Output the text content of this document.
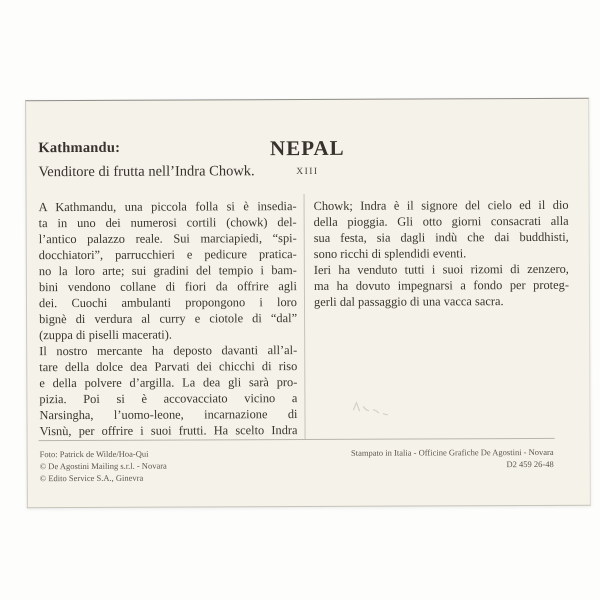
Kathmandu:
Venditore di frutta nell’Indra Chowk.
NEPAL
XIII
A Kathmandu, una piccola folla si è insedia-
ta in uno dei numerosi cortili (chowk) del-
l’antico palazzo reale. Sui marciapiedi, “spi-
docchiatori”, parrucchieri e pedicure pratica-
no la loro arte; sui gradini del tempio i bam-
bini vendono collane di fiori da offrire agli
dei. Cuochi ambulanti propongono i loro
bignè di verdura al curry e ciotole di “dal”
(zuppa di piselli macerati).
Il nostro mercante ha deposto davanti all’al-
tare della dolce dea Parvati dei chicchi di riso
e della polvere d’argilla. La dea gli sarà pro-
pizia. Poi si è accovacciato vicino a
Narsingha, l’uomo-leone, incarnazione di
Visnù, per offrire i suoi frutti. Ha scelto Indra
Chowk; Indra è il signore del cielo ed il dio
della pioggia. Gli otto giorni consacrati alla
sua festa, sia dagli indù che dai buddhisti,
sono ricchi di splendidi eventi.
Ieri ha venduto tutti i suoi rizomi di zenzero,
ma ha dovuto impegnarsi a fondo per proteg-
gerli dal passaggio di una vacca sacra.
Foto: Patrick de Wilde/Hoa-Qui
© De Agostini Mailing s.r.l. - Novara
© Edito Service S.A., Ginevra
Stampato in Italia - Officine Grafiche De Agostini - Novara
D2 459 26-48
